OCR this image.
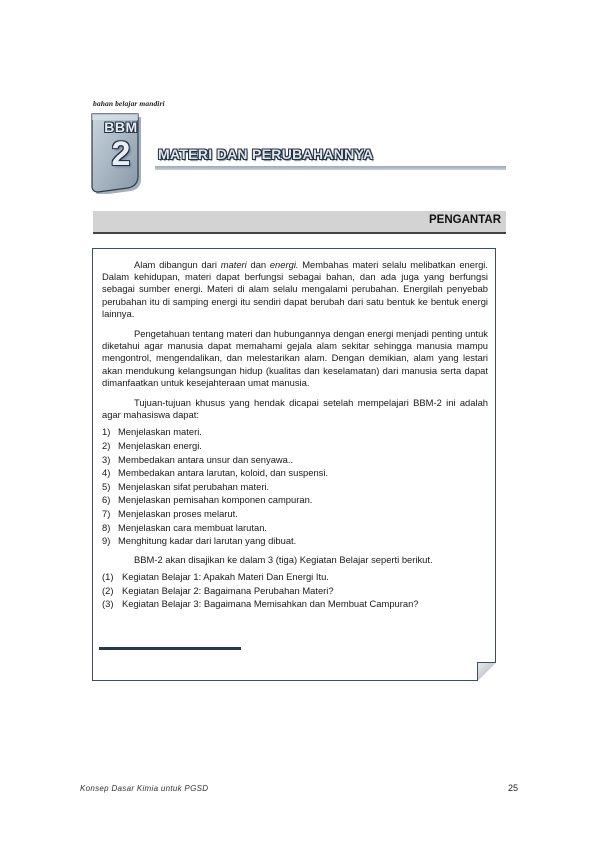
bahan belajar mandiri
BBM
2	MATERI DAN PERUBAHANNYA
PENGANTAR

Alam dibangun dari materi dan energi. Membahas materi selalu melibatkan energi. Dalam kehidupan, materi dapat berfungsi sebagai bahan, dan ada juga yang berfungsi sebagai sumber energi. Materi di alam selalu mengalami perubahan. Energilah penyebab perubahan itu di samping energi itu sendiri dapat berubah dari satu bentuk ke bentuk energi lainnya.

Pengetahuan tentang materi dan hubungannya dengan energi menjadi penting untuk diketahui agar manusia dapat memahami gejala alam sekitar sehingga manusia mampu mengontrol, mengendalikan, dan melestarikan alam. Dengan demikian, alam yang lestari akan mendukung kelangsungan hidup (kualitas dan keselamatan) dari manusia serta dapat dimanfaatkan untuk kesejahteraan umat manusia.

Tujuan-tujuan khusus yang hendak dicapai setelah mempelajari BBM-2 ini adalah agar mahasiswa dapat:

1) Menjelaskan materi.
2) Menjelaskan energi.
3) Membedakan antara unsur dan senyawa..
4) Membedakan antara larutan, koloid, dan suspensi.
5) Menjelaskan sifat perubahan materi.
6) Menjelaskan pemisahan komponen campuran.
7) Menjelaskan proses melarut.
8) Menjelaskan cara membuat larutan.
9) Menghitung kadar dari larutan yang dibuat.

BBM-2 akan disajikan ke dalam 3 (tiga) Kegiatan Belajar seperti berikut.

(1) Kegiatan Belajar 1: Apakah Materi Dan Energi Itu.
(2) Kegiatan Belajar 2: Bagaimana Perubahan Materi?
(3) Kegiatan Belajar 3: Bagaimana Memisahkan dan Membuat Campuran?
Konsep Dasar Kimia untuk PGSD	25
